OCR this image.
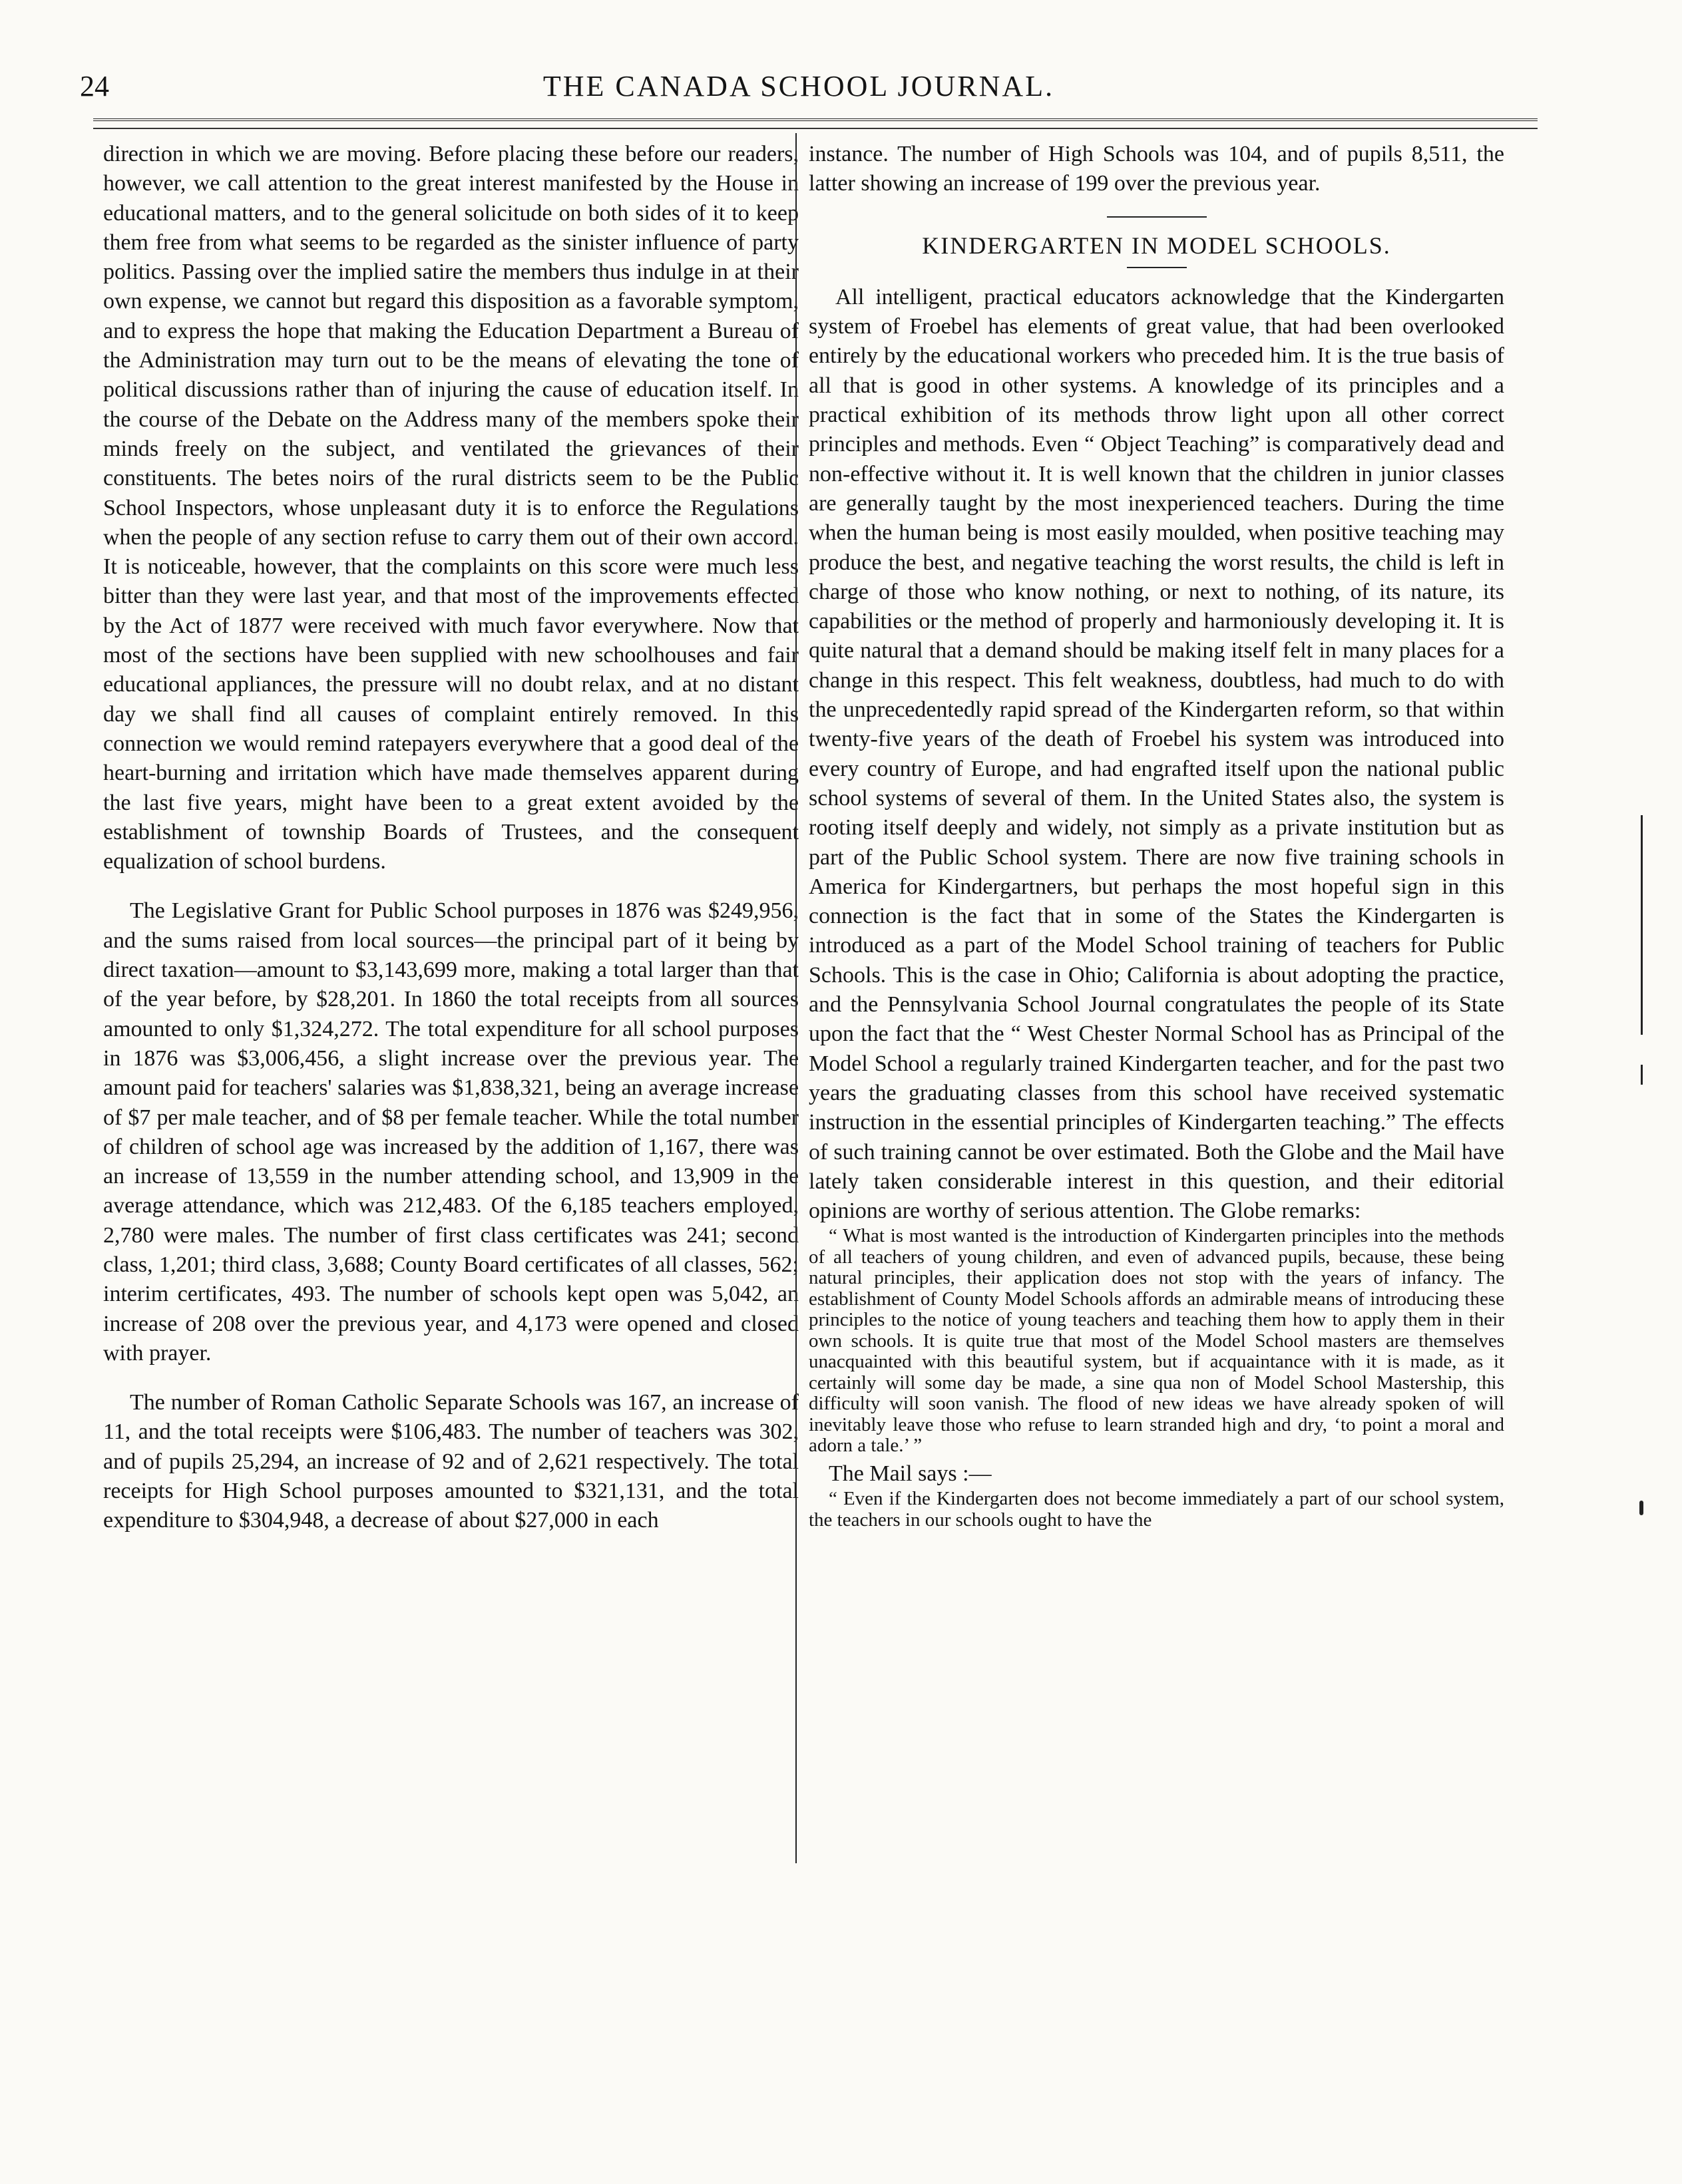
24	THE CANADA SCHOOL JOURNAL.

direction in which we are moving. Before placing these before our readers, however, we call attention to the great interest manifested by the House in educational matters, and to the general solicitude on both sides of it to keep them free from what seems to be regarded as the sinister influence of party politics. Passing over the implied satire the members thus indulge in at their own expense, we cannot but regard this disposition as a favorable symptom, and to express the hope that making the Education Department a Bureau of the Administration may turn out to be the means of elevating the tone of political discussions rather than of injuring the cause of education itself. In the course of the Debate on the Address many of the members spoke their minds freely on the subject, and ventilated the grievances of their constituents. The betes noirs of the rural districts seem to be the Public School Inspectors, whose unpleasant duty it is to enforce the Regulations when the people of any section refuse to carry them out of their own accord. It is noticeable, however, that the complaints on this score were much less bitter than they were last year, and that most of the improvements effected by the Act of 1877 were received with much favor everywhere. Now that most of the sections have been supplied with new schoolhouses and fair educational appliances, the pressure will no doubt relax, and at no distant day we shall find all causes of complaint entirely removed. In this connection we would remind ratepayers everywhere that a good deal of the heart-burning and irritation which have made themselves apparent during the last five years, might have been to a great extent avoided by the establishment of township Boards of Trustees, and the consequent equalization of school burdens.

The Legislative Grant for Public School purposes in 1876 was $249,956, and the sums raised from local sources—the principal part of it being by direct taxation—amount to $3,143,699 more, making a total larger than that of the year before, by $28,201. In 1860 the total receipts from all sources amounted to only $1,324,272. The total expenditure for all school purposes in 1876 was $3,006,456, a slight increase over the previous year. The amount paid for teachers' salaries was $1,838,321, being an average increase of $7 per male teacher, and of $8 per female teacher. While the total number of children of school age was increased by the addition of 1,167, there was an increase of 13,559 in the number attending school, and 13,909 in the average attendance, which was 212,483. Of the 6,185 teachers employed, 2,780 were males. The number of first class certificates was 241; second class, 1,201; third class, 3,688; County Board certificates of all classes, 562; interim certificates, 493. The number of schools kept open was 5,042, an increase of 208 over the previous year, and 4,173 were opened and closed with prayer.

The number of Roman Catholic Separate Schools was 167, an increase of 11, and the total receipts were $106,483. The number of teachers was 302, and of pupils 25,294, an increase of 92 and of 2,621 respectively. The total receipts for High School purposes amounted to $321,131, and the total expenditure to $304,948, a decrease of about $27,000 in each

instance. The number of High Schools was 104, and of pupils 8,511, the latter showing an increase of 199 over the previous year.

KINDERGARTEN IN MODEL SCHOOLS.

All intelligent, practical educators acknowledge that the Kindergarten system of Froebel has elements of great value, that had been overlooked entirely by the educational workers who preceded him. It is the true basis of all that is good in other systems. A knowledge of its principles and a practical exhibition of its methods throw light upon all other correct principles and methods. Even “ Object Teaching” is comparatively dead and non-effective without it. It is well known that the children in junior classes are generally taught by the most inexperienced teachers. During the time when the human being is most easily moulded, when positive teaching may produce the best, and negative teaching the worst results, the child is left in charge of those who know nothing, or next to nothing, of its nature, its capabilities or the method of properly and harmoniously developing it. It is quite natural that a demand should be making itself felt in many places for a change in this respect. This felt weakness, doubtless, had much to do with the unprecedentedly rapid spread of the Kindergarten reform, so that within twenty-five years of the death of Froebel his system was introduced into every country of Europe, and had engrafted itself upon the national public school systems of several of them. In the United States also, the system is rooting itself deeply and widely, not simply as a private institution but as part of the Public School system. There are now five training schools in America for Kindergartners, but perhaps the most hopeful sign in this connection is the fact that in some of the States the Kindergarten is introduced as a part of the Model School training of teachers for Public Schools. This is the case in Ohio; California is about adopting the practice, and the Pennsylvania School Journal congratulates the people of its State upon the fact that the “ West Chester Normal School has as Principal of the Model School a regularly trained Kindergarten teacher, and for the past two years the graduating classes from this school have received systematic instruction in the essential principles of Kindergarten teaching.” The effects of such training cannot be over estimated. Both the Globe and the Mail have lately taken considerable interest in this question, and their editorial opinions are worthy of serious attention. The Globe remarks:

“ What is most wanted is the introduction of Kindergarten principles into the methods of all teachers of young children, and even of advanced pupils, because, these being natural principles, their application does not stop with the years of infancy. The establishment of County Model Schools affords an admirable means of introducing these principles to the notice of young teachers and teaching them how to apply them in their own schools. It is quite true that most of the Model School masters are themselves unacquainted with this beautiful system, but if acquaintance with it is made, as it certainly will some day be made, a sine qua non of Model School Mastership, this difficulty will soon vanish. The flood of new ideas we have already spoken of will inevitably leave those who refuse to learn stranded high and dry, ‘to point a moral and adorn a tale.’ ”

The Mail says :—

“ Even if the Kindergarten does not become immediately a part of our school system, the teachers in our schools ought to have the
